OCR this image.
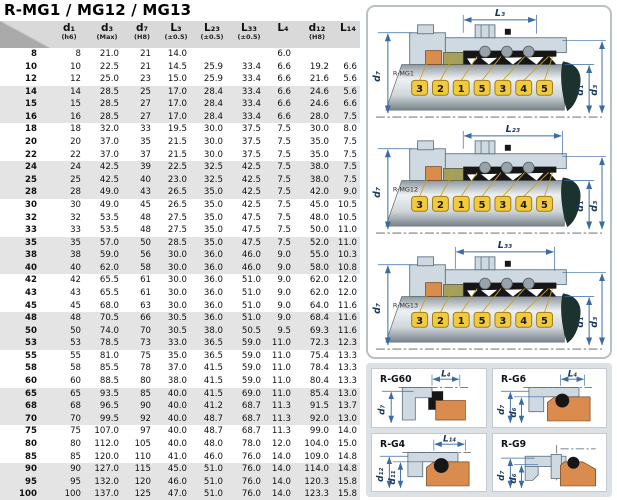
R-MG1 / MG12 / MG13

d₁
(h6)

d₃
(Max)

d₇
(H8)

L₃
(±0.5)

L₂₃
(±0.5)

L₃₃
(±0.5)

L₄	d₁₂
(H8)

L₁₄

8	8	21.0	21	14.0			6.0		
10	10	22.5	21	14.5	25.9	33.4	6.6	19.2	6.6
12	12	25.0	23	15.0	25.9	33.4	6.6	21.6	5.6
14	14	28.5	25	17.0	28.4	33.4	6.6	24.6	5.6
15	15	28.5	27	17.0	28.4	33.4	6.6	24.6	6.6
16	16	28.5	27	17.0	28.4	33.4	6.6	28.0	7.5
18	18	32.0	33	19.5	30.0	37.5	7.5	30.0	8.0
20	20	37.0	35	21.5	30.0	37.5	7.5	35.0	7.5
22	22	37.0	37	21.5	30.0	37.5	7.5	35.0	7.5
24	24	42.5	39	22.5	32.5	42.5	7.5	38.0	7.5
25	25	42.5	40	23.0	32.5	42.5	7.5	38.0	7.5
28	28	49.0	43	26.5	35.0	42.5	7.5	42.0	9.0
30	30	49.0	45	26.5	35.0	42.5	7.5	45.0	10.5
32	32	53.5	48	27.5	35.0	47.5	7.5	48.0	10.5
33	33	53.5	48	27.5	35.0	47.5	7.5	50.0	11.0
35	35	57.0	50	28.5	35.0	47.5	7.5	52.0	11.0
38	38	59.0	56	30.0	36.0	46.0	9.0	55.0	10.3
40	40	62.0	58	30.0	36.0	46.0	9.0	58.0	10.8
42	42	65.5	61	30.0	36.0	51.0	9.0	62.0	12.0
43	43	65.5	61	30.0	36.0	51.0	9.0	62.0	12.0
45	45	68.0	63	30.0	36.0	51.0	9.0	64.0	11.6
48	48	70.5	66	30.5	36.0	51.0	9.0	68.4	11.6
50	50	74.0	70	30.5	38.0	50.5	9.5	69.3	11.6
53	53	78.5	73	33.0	36.5	59.0	11.0	72.3	12.3
55	55	81.0	75	35.0	36.5	59.0	11.0	75.4	13.3
58	58	85.5	78	37.0	41.5	59.0	11.0	78.4	13.3
60	60	88.5	80	38.0	41.5	59.0	11.0	80.4	13.3
65	65	93.5	85	40.0	41.5	69.0	11.0	85.4	13.0
68	68	96.5	90	40.0	41.2	68.7	11.3	91.5	13.7
70	70	99.5	92	40.0	48.7	68.7	11.3	92.0	13.0
75	75	107.0	97	40.0	48.7	68.7	11.3	99.0	14.0
80	80	112.0	105	40.0	48.0	78.0	12.0	104.0	15.0
85	85	120.0	110	41.0	46.0	76.0	14.0	109.0	14.8
90	90	127.0	115	45.0	51.0	76.0	14.0	114.0	14.8
95	95	132.0	120	46.0	51.0	76.0	14.0	120.3	15.8
100	100	137.0	125	47.0	51.0	76.0	14.0	123.3	15.8
L₃
d₇
d₁ d₃
R-MG1
3 2 1 5 3 4 5
L₂₃
d₇
d₁ d₃
R-MG12
3 2 1 5 3 4 5
L₃₃
d₇
d₁ d₃
R-MG13
3 2 1 5 3 4 5
R-G60	L₄
d₇
R-G6	L₄
d₇ d₆
R-G4	L₁₄
d₁₂ d₁₁
R-G9
d₇ d₆
